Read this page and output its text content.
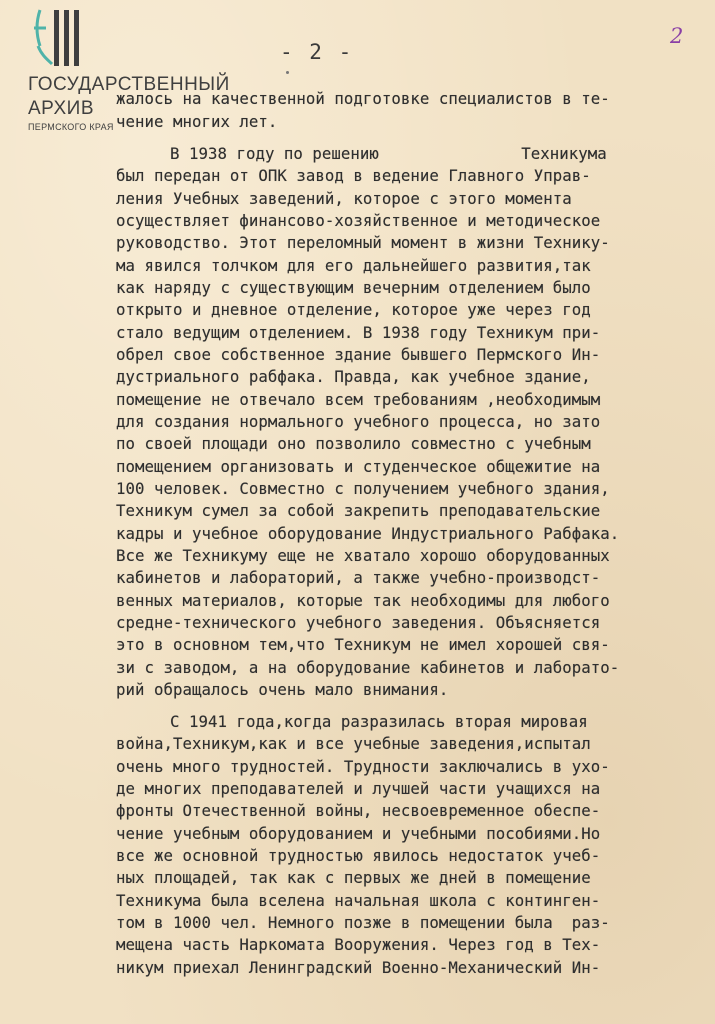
ГОСУДАРСТВЕННЫЙ
АРХИВ
ПЕРМСКОГО КРАЯ
- 2 -
2
жалось на качественной подготовке специалистов в те-
чение многих лет.
В 1938 году по решению               Техникума
был передан от ОПК завод в ведение Главного Управ-
ления Учебных заведений, которое с этого момента
осуществляет финансово-хозяйственное и методическое
руководство. Этот переломный момент в жизни Технику-
ма явился толчком для его дальнейшего развития,так
как наряду с существующим вечерним отделением было
открыто и дневное отделение, которое уже через год
стало ведущим отделением. В 1938 году Техникум при-
обрел свое собственное здание бывшего Пермского Ин-
дустриального рабфака. Правда, как учебное здание,
помещение не отвечало всем требованиям ,необходимым
для создания нормального учебного процесса, но зато
по своей площади оно позволило совместно с учебным
помещением организовать и студенческое общежитие на
100 человек. Совместно с получением учебного здания,
Техникум сумел за собой закрепить преподавательские
кадры и учебное оборудование Индустриального Рабфака.
Все же Техникуму еще не хватало хорошо оборудованных
кабинетов и лабораторий, а также учебно-производст-
венных материалов, которые так необходимы для любого
средне-технического учебного заведения. Объясняется
это в основном тем,что Техникум не имел хорошей свя-
зи с заводом, а на оборудование кабинетов и лаборато-
рий обращалось очень мало внимания.
С 1941 года,когда разразилась вторая мировая
война,Техникум,как и все учебные заведения,испытал
очень много трудностей. Трудности заключались в ухо-
де многих преподавателей и лучшей части учащихся на
фронты Отечественной войны, несвоевременное обеспе-
чение учебным оборудованием и учебными пособиями.Но
все же основной трудностью явилось недостаток учеб-
ных площадей, так как с первых же дней в помещение
Техникума была вселена начальная школа с континген-
том в 1000 чел. Немного позже в помещении была  раз-
мещена часть Наркомата Вооружения. Через год в Тех-
никум приехал Ленинградский Военно-Механический Ин-
